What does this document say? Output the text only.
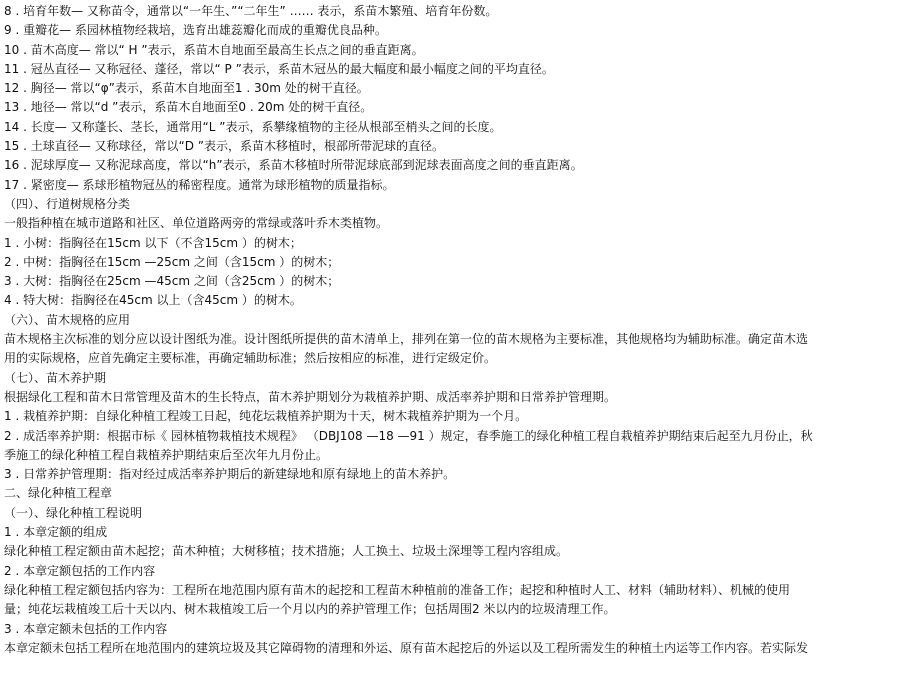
8 . 培育年数— 又称苗令，通常以“一年生、”“二年生” …… 表示，系苗木繁殖、培育年份数。
9 . 重瓣花— 系园林植物经栽培，选育出雄蕊瓣化而成的重瓣优良品种。
10 . 苗木高度— 常以“ H ”表示，系苗木自地面至最高生长点之间的垂直距离。
11 . 冠丛直径— 又称冠径、蓬径，常以“ P ”表示，系苗木冠丛的最大幅度和最小幅度之间的平均直径。
12 . 胸径— 常以“φ”表示，系苗木自地面至1 . 30m 处的树干直径。
13 . 地径— 常以“d ”表示，系苗木自地面至0 . 20m 处的树干直径。
14 . 长度— 又称蓬长、茎长，通常用“L ”表示，系攀缘植物的主径从根部至梢头之间的长度。
15 . 土球直径— 又称球径，常以“D ”表示，系苗木移植时，根部所带泥球的直径。
16 . 泥球厚度— 又称泥球高度，常以“h”表示，系苗木移植时所带泥球底部到泥球表面高度之间的垂直距离。
17 . 紧密度— 系球形植物冠丛的稀密程度。通常为球形植物的质量指标。
（四）、行道树规格分类
一般指种植在城市道路和社区、单位道路两旁的常绿或落叶乔木类植物。
1 . 小树：指胸径在15cm 以下（不含15cm ）的树木；
2 . 中树：指胸径在15cm —25cm 之间（含15cm ）的树木；
3 . 大树：指胸径在25cm —45cm 之间（含25cm ）的树木；
4 . 特大树：指胸径在45cm 以上（含45cm ）的树木。
（六）、苗木规格的应用
苗木规格主次标准的划分应以设计图纸为准。设计图纸所提供的苗木清单上，排列在第一位的苗木规格为主要标准，其他规格均为辅助标准。确定苗木选
用的实际规格，应首先确定主要标准，再确定辅助标准；然后按相应的标准，进行定级定价。
（七）、苗木养护期
根据绿化工程和苗木日常管理及苗木的生长特点，苗木养护期划分为栽植养护期、成活率养护期和日常养护管理期。
1 . 栽植养护期：自绿化种植工程竣工日起，纯花坛栽植养护期为十天，树木栽植养护期为一个月。
2 . 成活率养护期：根据市标《 园林植物栽植技术规程》 （DBJ108 —18 —91 ）规定，春季施工的绿化种植工程自栽植养护期结束后起至九月份止，秋
季施工的绿化种植工程自栽植养护期结束后至次年九月份止。
3 . 日常养护管理期：指对经过成活率养护期后的新建绿地和原有绿地上的苗木养护。
二、绿化种植工程章
（一）、绿化种植工程说明
1 . 本章定额的组成
绿化种植工程定额由苗木起挖；苗木种植；大树移植；技术措施；人工换土、垃圾土深埋等工程内容组成。
2 . 本章定额包括的工作内容
绿化种植工程定额包括内容为：工程所在地范围内原有苗木的起挖和工程苗木种植前的准备工作；起挖和种植时人工、材料（辅助材料）、机械的使用
量；纯花坛栽植竣工后十天以内、树木栽植竣工后一个月以内的养护管理工作；包括周围2 米以内的垃圾清理工作。
3 . 本章定额未包括的工作内容
本章定额未包括工程所在地范围内的建筑垃圾及其它障碍物的清理和外运、原有苗木起挖后的外运以及工程所需发生的种植土内运等工作内容。若实际发
